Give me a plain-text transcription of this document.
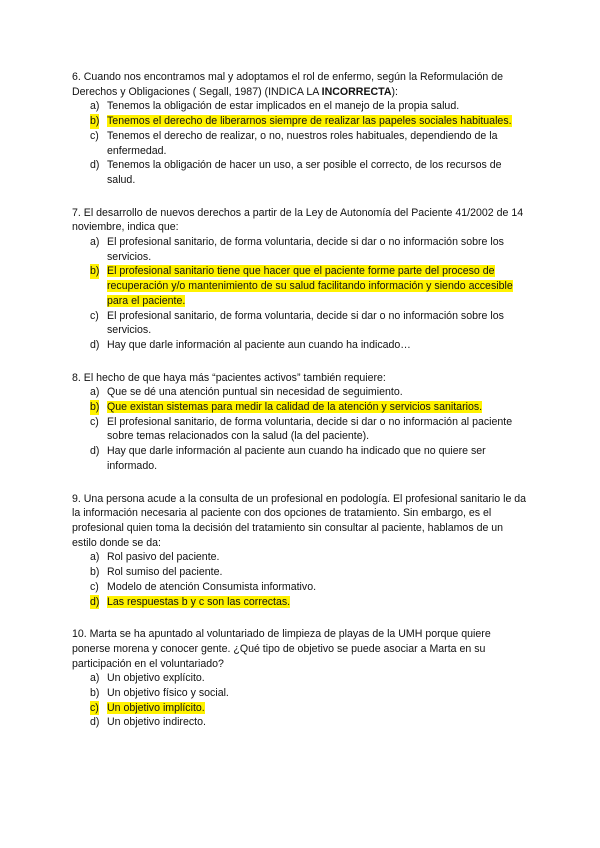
6. Cuando nos encontramos mal y adoptamos el rol de enfermo, según la Reformulación de Derechos y Obligaciones ( Segall, 1987) (INDICA LA INCORRECTA):

a) Tenemos la obligación de estar implicados en el manejo de la propia salud.
b) Tenemos el derecho de liberarnos siempre de realizar las papeles sociales habituales.
c) Tenemos el derecho de realizar, o no, nuestros roles habituales, dependiendo de la enfermedad.
d) Tenemos la obligación de hacer un uso, a ser posible el correcto, de los recursos de salud.

7. El desarrollo de nuevos derechos a partir de la Ley de Autonomía del Paciente 41/2002 de 14 noviembre, indica que:

a) El profesional sanitario, de forma voluntaria, decide si dar o no información sobre los servicios.
b) El profesional sanitario tiene que hacer que el paciente forme parte del proceso de recuperación y/o mantenimiento de su salud facilitando información y siendo accesible para el paciente.
c) El profesional sanitario, de forma voluntaria, decide si dar o no información sobre los servicios.
d) Hay que darle información al paciente aun cuando ha indicado…

8. El hecho de que haya más “pacientes activos” también requiere:

a) Que se dé una atención puntual sin necesidad de seguimiento.
b) Que existan sistemas para medir la calidad de la atención y servicios sanitarios.
c) El profesional sanitario, de forma voluntaria, decide si dar o no información al paciente sobre temas relacionados con la salud (la del paciente).
d) Hay que darle información al paciente aun cuando ha indicado que no quiere ser informado.

9. Una persona acude a la consulta de un profesional en podología. El profesional sanitario le da la información necesaria al paciente con dos opciones de tratamiento. Sin embargo, es el profesional quien toma la decisión del tratamiento sin consultar al paciente, hablamos de un estilo donde se da:

a) Rol pasivo del paciente.
b) Rol sumiso del paciente.
c) Modelo de atención Consumista informativo.
d) Las respuestas b y c son las correctas.

10. Marta se ha apuntado al voluntariado de limpieza de playas de la UMH porque quiere ponerse morena y conocer gente. ¿Qué tipo de objetivo se puede asociar a Marta en su participación en el voluntariado?

a) Un objetivo explícito.
b) Un objetivo físico y social.
c) Un objetivo implícito.
d) Un objetivo indirecto.
